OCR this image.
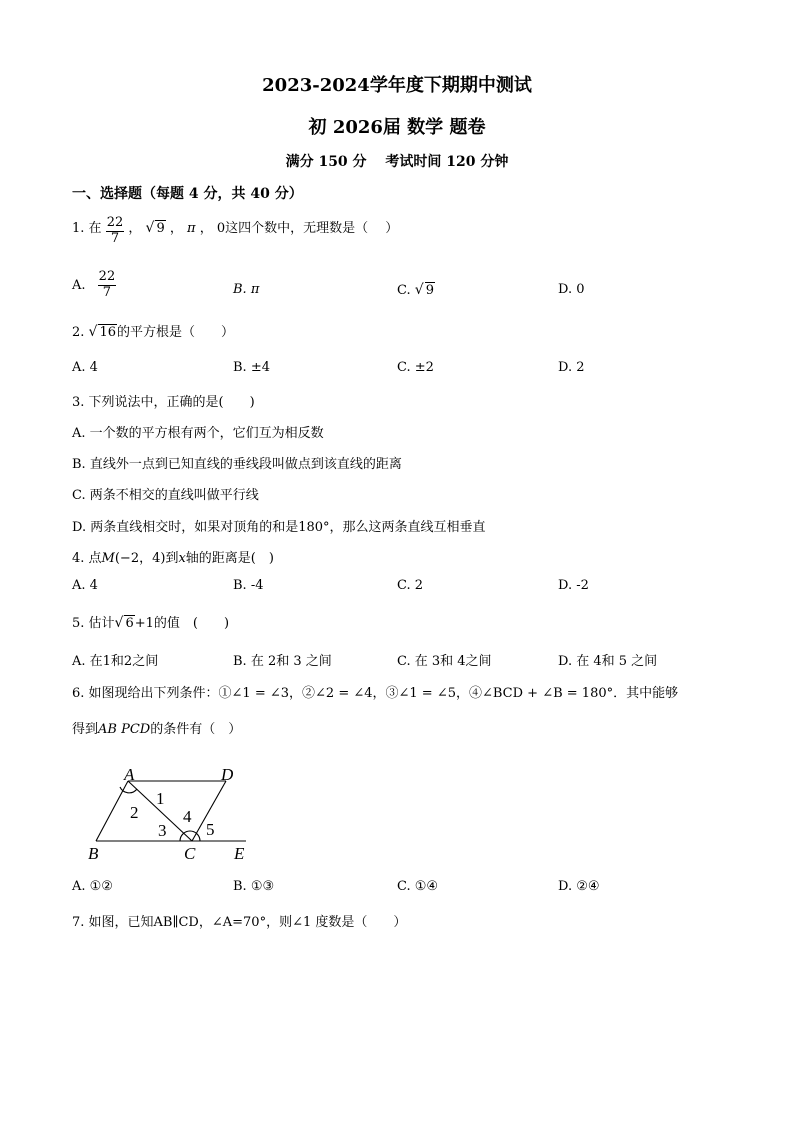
2023-2024学年度下期期中测试
初 2026届 数学 题卷
满分 150 分　 考试时间 120 分钟
一、选择题（每题 4 分，共 40 分）
1. 在 $\frac{22}{7}$ ， √ 9 ， π ， 0这四个数中，无理数是（　 ）
A. $\frac{22}{7}$	B. π	C. √ 9	D. 0
2. √ 16的平方根是（　　）
A. 4	B. ±4	C. ±2	D. 2
3. 下列说法中，正确的是(　　)
A. 一个数的平方根有两个，它们互为相反数
B. 直线外一点到已知直线的垂线段叫做点到该直线的距离
C. 两条不相交的直线叫做平行线
D. 两条直线相交时，如果对顶角的和是180°，那么这两条直线互相垂直
4. 点M(−2，4)到x轴的距离是(　)
A. 4	B. -4	C. 2	D. -2
5. 估计√ 6+1的值　(　　)
A. 在1和2之间	B. 在 2和 3 之间	C. 在 3和 4之间	D. 在 4和 5 之间
6. 如图现给出下列条件：①∠1 = ∠3，②∠2 = ∠4，③∠1 = ∠5，④∠BCD + ∠B = 180°．其中能够
得到AB PCD的条件有（　）
A	D
B	C E
1
2
3
4
5
A. ①②	B. ①③	C. ①④	D. ②④
7. 如图，已知AB∥CD，∠A=70°，则∠1 度数是（　　）
